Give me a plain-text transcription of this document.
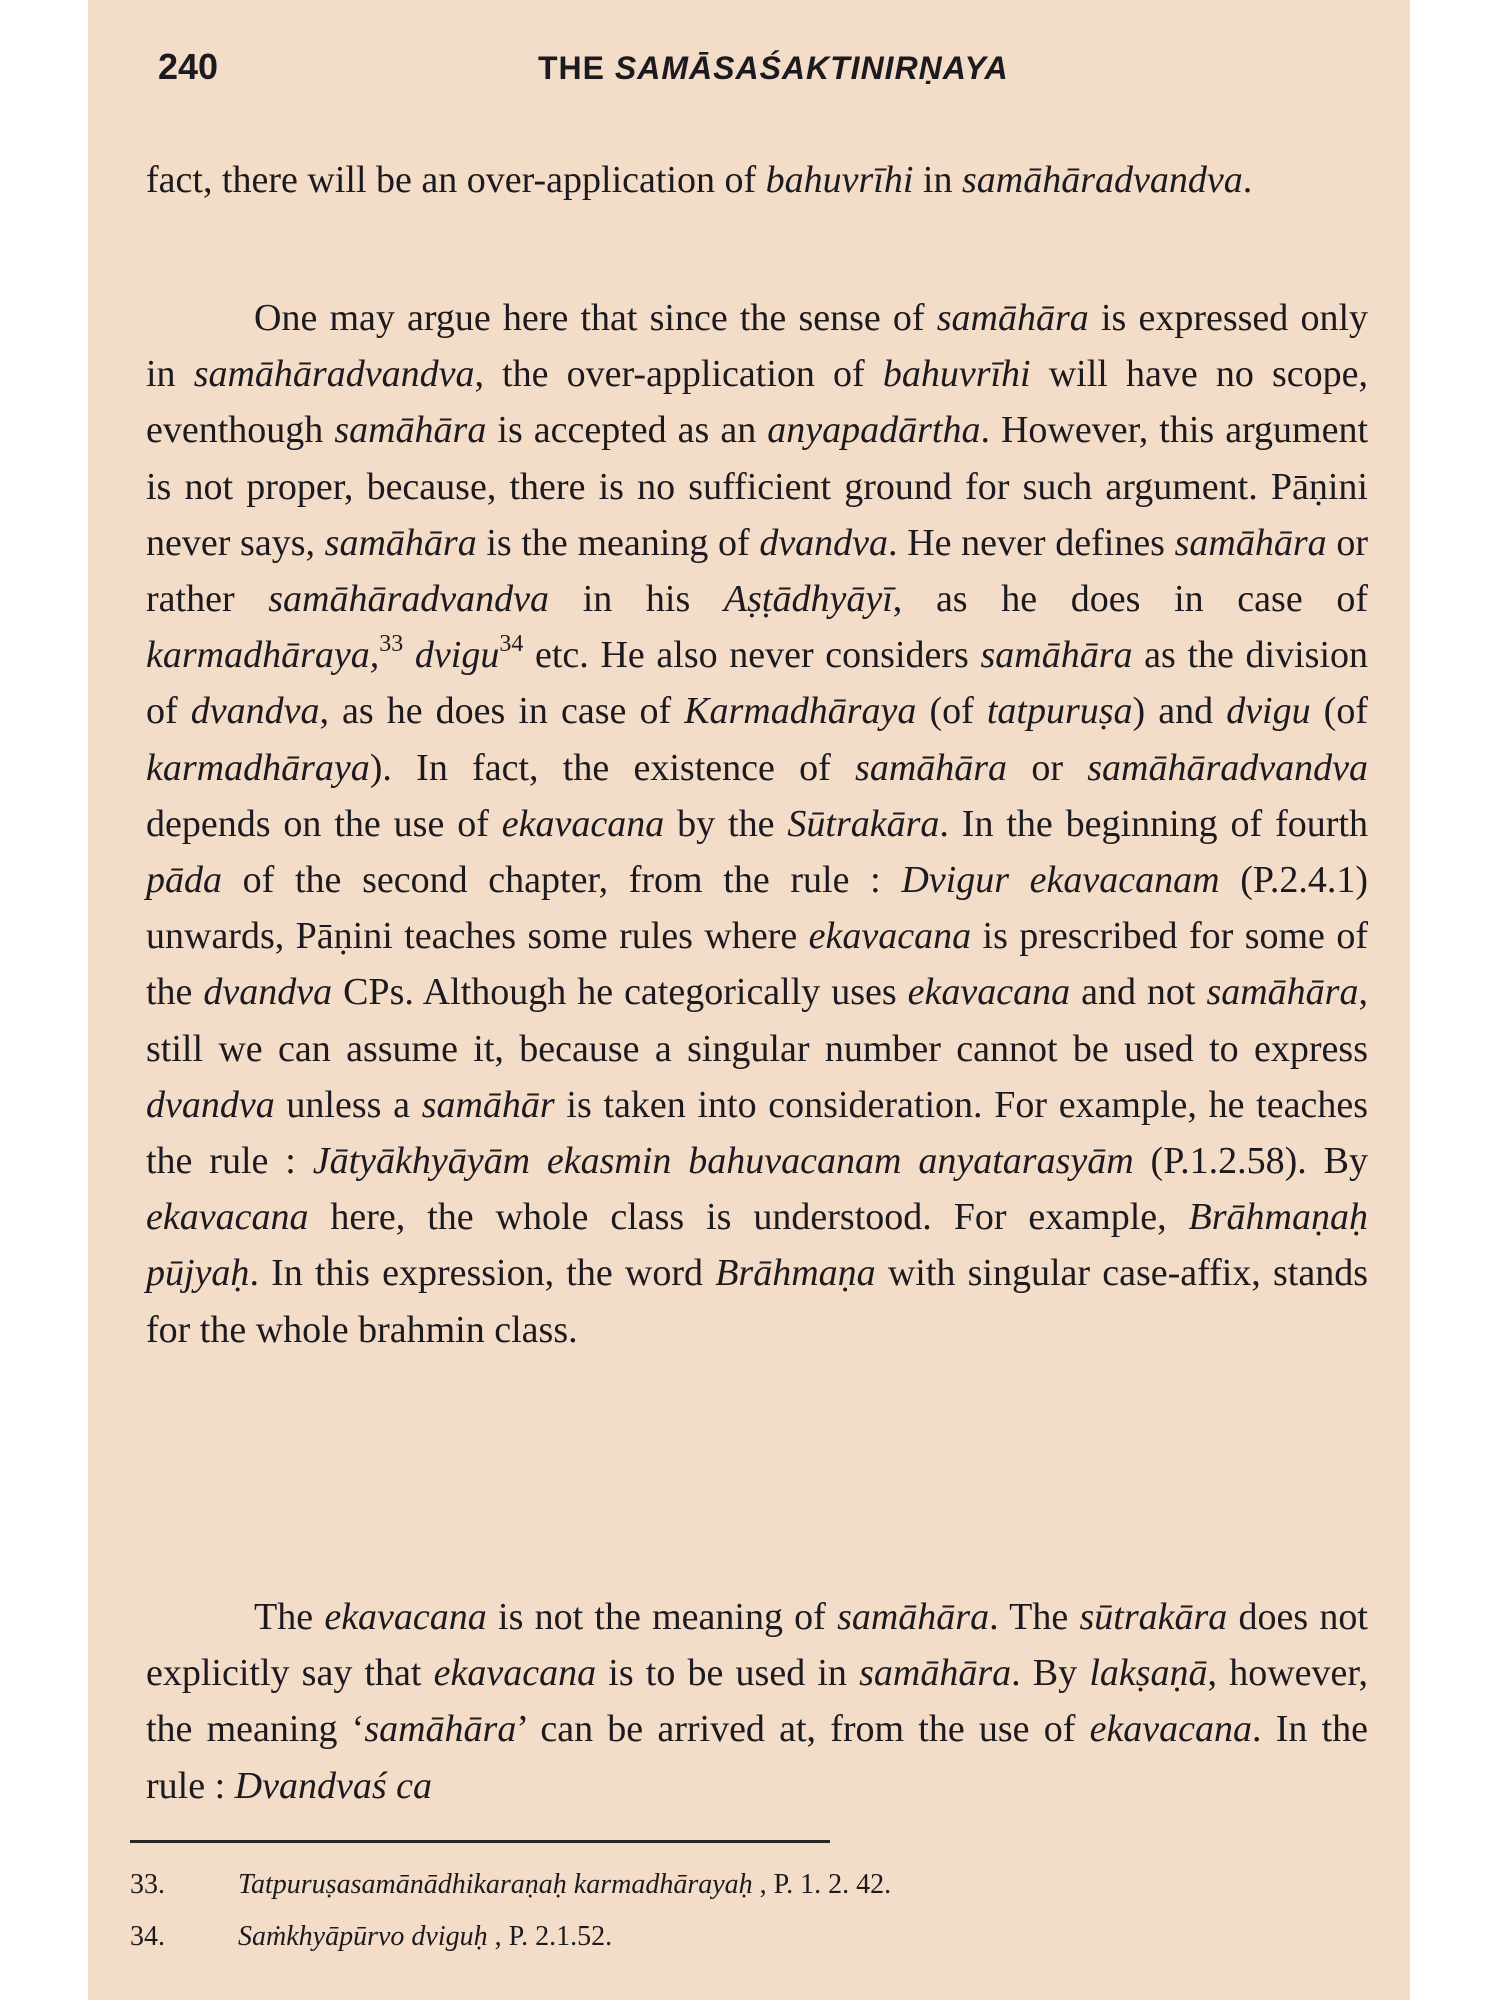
240	THE SAMĀSAŚAKTINIRṆAYA

fact, there will be an over-application of bahuvrīhi in samāhāradvandva.

One may argue here that since the sense of samāhāra is expressed only in samāhāradvandva, the over-application of bahuvrīhi will have no scope, eventhough samāhāra is accepted as an anyapadārtha. However, this argument is not proper, because, there is no sufficient ground for such argument. Pāṇini never says, samāhāra is the meaning of dvandva. He never defines samāhāra or rather samāhāradvandva in his Aṣṭādhyāyī, as he does in case of karmadhāraya,$^{33}$ dvigu$^{34}$ etc. He also never considers samāhāra as the division of dvandva, as he does in case of Karmadhāraya (of tatpuruṣa) and dvigu (of karmadhāraya). In fact, the existence of samāhāra or samāhāradvandva depends on the use of ekavacana by the Sūtrakāra. In the beginning of fourth pāda of the second chapter, from the rule : Dvigur ekavacanam (P.2.4.1) unwards, Pāṇini teaches some rules where ekavacana is prescribed for some of the dvandva CPs. Although he categorically uses ekavacana and not samāhāra, still we can assume it, because a singular number cannot be used to express dvandva unless a samāhār is taken into consideration. For example, he teaches the rule : Jātyākhyāyām ekasmin bahuvacanam anyatarasyām (P.1.2.58). By ekavacana here, the whole class is understood. For example, Brāhmaṇaḥ pūjyaḥ. In this expression, the word Brāhmaṇa with singular case-affix, stands for the whole brahmin class.

The ekavacana is not the meaning of samāhāra. The sūtrakāra does not explicitly say that ekavacana is to be used in samāhāra. By lakṣaṇā, however, the meaning ‘samāhāra’ can be arrived at, from the use of ekavacana. In the rule : Dvandvaś ca

33.	Tatpuruṣasamānādhikaraṇaḥ karmadhārayaḥ , P. 1. 2. 42.
34.	Saṁkhyāpūrvo dviguḥ , P. 2.1.52.
